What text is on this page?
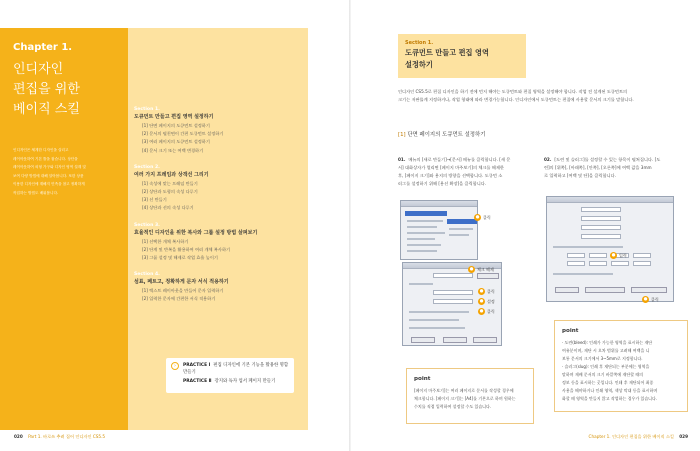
Chapter 1.
인디자인
편집을 위한
베이직 스킬
인디자인은 체계한 디자인을 살리고
레이아웃하여 기본 틀을 잡습니다. 상단을
레이아웃하여 외형 가구와 디자인 영역 설계 및
보여 다양 방법에 대해 알아봅니다. 또한 상품
이용한 디자인에 계해지 민족을 참고 정확하게
작업하는 방법도 배워봅니다.
Section 1.
도큐먼트 만들고 편집 영역 설정하기
[1] 단면 페이지의 도큐먼트 설정하기
[2] 문서의 펼친면이 간편 도큐먼트 설정하기
[3] 여러 페이지의 도큐먼트 설정하기
[4] 문서 크기 또는 여백 변경하기
Section 2.
여러 가지 프레임과 상객선 그리기
[1] 속성에 맞는 프레임 만들기
[2] 상단과 도형의 속성 다루기
[3] 선 만들기
[4] 상단과 선의 속성 다루기
Section 3.
효율적인 디자인을 위한 복사와 그룹 설정 방법 살펴보기
[1] 선택한 개체 복사하기
[2] 단계 및 반복을 활용하여 여러 개체 복사하기
[3] 그룹 설정 및 해제로 작업 효율 높이기
Section 4.
섬표, 페트고, 정확하게 문자 서식 적용하기
[1] 텍스트 레이아웃을 만들어 문자 입력하기
[2] 입력한 문자에 간편한 서식 적용하기
›	PRACTICE Ⅰ 편집 디자인에 기본 기능을 활용한 명함 만들기
PRACTICE Ⅱ 강지와 독자 업서 페이지 만들기
020 Part 1. 바로쓰 추려 집어 인디자인 CS5.5
Section 1.
도큐먼트 만들고 편집 영역
설정하기
인디자인 CS5.5로 편집 디자인을 하기 전에 먼저 해야는 도큐먼트와 편집 영역을 설정해야 합니다. 작업 전 설계된 도큐먼트의
크기는 저판률계 지정하거나, 작업 형태에 따라 변경가능합니다. 인디자인에서 도큐먼트는 편집에 사용할 문서의 크기를 말합니다.
[1] 단면 페이지의 도큐먼트 설정하기
01. 메뉴의 [새로 만들기]→[문서] 메뉴를 클릭합니다. [새 문
서] 대화상자가 열리면 [페이지 마주보기]의 체크를 해제한
후, [페이지 크기]와 용지의 방향을 선택합니다. 도큐먼 소
러그를 설정하기 위해 [용선 확장]을 클릭합니다.
02. [도련 및 슬러그]를 설정할 수 있는 항목이 펼쳐집니다. [도
련]의 [위쪽], [아래쪽], [안쪽], [오른쪽]에 여백 값을 3mm
로 입력하고 [여백 및 단]을 클릭합니다.
● 클릭
● 체크 해제
● 클릭
● 설정
● 클릭
● 입력
● 클릭
point
[페이지 마주보기]는 여러 페이지로 문서를 작성할 경우에
체크합니다. [페이지 크기]는 [A4]를 기본으로 하며 원하는
수치를 직접 입력하여 설정할 수도 있습니다.
point
· 도련(bleed): 인쇄가 가능한 영역을 표시하는 재단
여유분이며, 재단 시 오차 범위를 고려해 여백을 니
보통 문서의 크기에서 3~5mm로 지정합니다.
· 슬러그(slug): 인쇄 후 재단되는 부분에는 영역을
말하며 재배 문서의 크기 바깥쪽에 재단할 때의
정보 등을 표시하는 곳입니다. 인쇄 후 재단되어 최종
사용을 해야하거나 인쇄 영역, 색상 막대 등을 표시하며
화할 때 영역을 만들지 않고 작업하는 경우가 있습니다.
Chapter 1. 인디자인 편집을 위한 베이직 스킬 029
